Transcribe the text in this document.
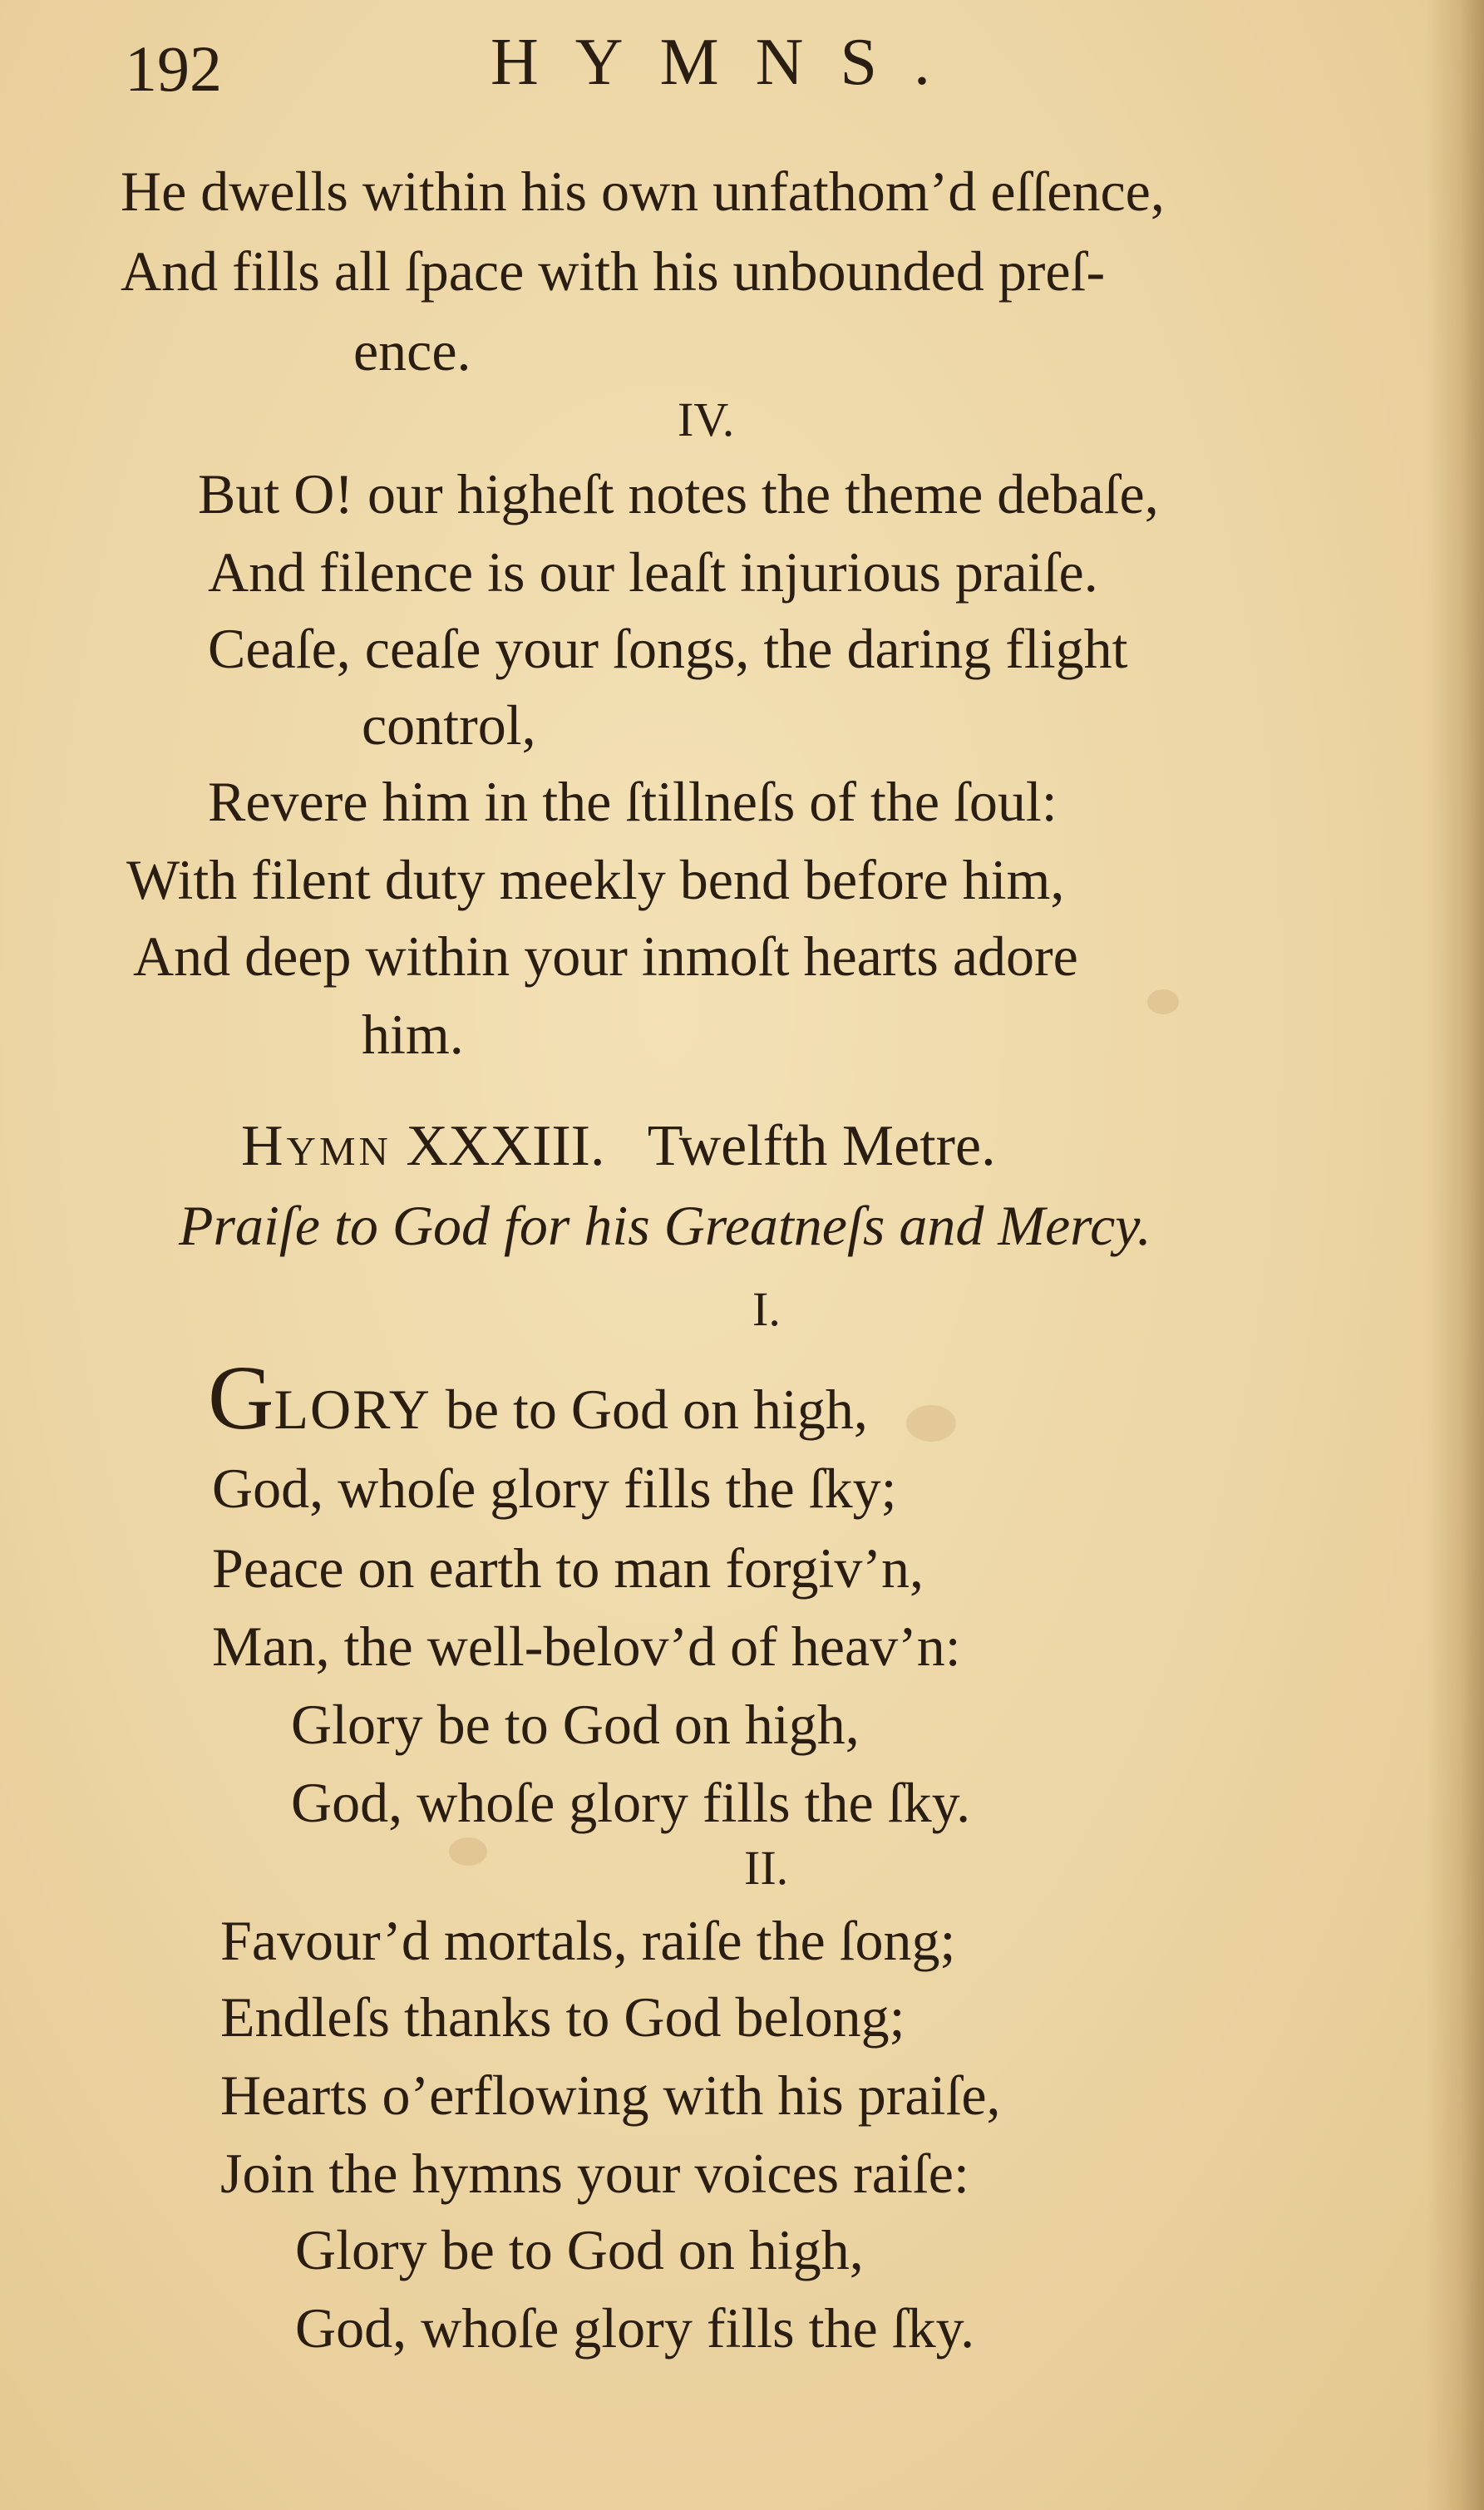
192	HYMNS.
He dwells within his own unfathom’d eſſence,
And fills all ſpace with his unbounded preſ-
ence.
IV.
But O! our higheſt notes the theme debaſe,
And filence is our leaſt injurious praiſe.
Ceaſe, ceaſe your ſongs, the daring flight
control,
Revere him in the ſtillneſs of the ſoul:
With filent duty meekly bend before him,
And deep within your inmoſt hearts adore
him.
Hymn XXXIII.   Twelfth Metre.
Praiſe to God for his Greatneſs and Mercy.
I.
GLORY be to God on high,
God, whoſe glory fills the ſky;
Peace on earth to man forgiv’n,
Man, the well-belov’d of heav’n:
Glory be to God on high,
God, whoſe glory fills the ſky.
II.
Favour’d mortals, raiſe the ſong;
Endleſs thanks to God belong;
Hearts o’erflowing with his praiſe,
Join the hymns your voices raiſe:
Glory be to God on high,
God, whoſe glory fills the ſky.
